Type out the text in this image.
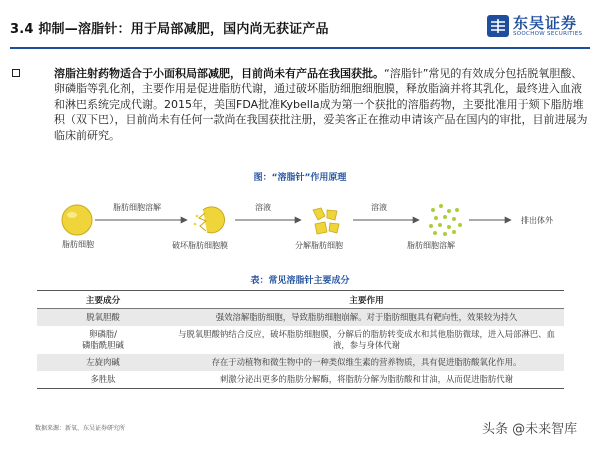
3.4 抑制—溶脂针：用于局部减肥，国内尚无获证产品	东吴证券
SOOCHOW SECURITIES
溶脂注射药物适合于小面积局部减肥，目前尚未有产品在我国获批。“溶脂针”常见的有效成分包括脱氧胆酸、卵磷脂等乳化剂，主要作用是促进脂肪代谢，通过破坏脂肪细胞细胞膜，释放脂滴并将其乳化，最终进入血液和淋巴系统完成代谢。2015年，美国FDA批准Kybella成为第一个获批的溶脂药物，主要批准用于颏下脂肪堆积（双下巴），目前尚未有任何一款尚在我国获批注册，爱美客正在推动申请该产品在国内的审批，目前进展为临床前研究。
图：“溶脂针”作用原理
脂肪细胞
脂肪细胞溶解
破坏脂肪细胞膜
溶液
分解脂肪细胞
溶液
脂肪细胞溶解
排出体外
表：常见溶脂针主要成分
主要成分	主要作用
脱氧胆酸	强效溶解脂肪细胞，导致脂肪细胞崩解。对于脂肪细胞具有靶向性，效果较为持久
卵磷脂/
磷脂酰胆碱	与脱氧胆酸钠结合反应，破坏脂肪细胞膜，分解后的脂肪转变成水和其他脂肪微球，进入局部淋巴、血液，参与身体代谢
左旋肉碱	存在于动植物和微生物中的一种类似维生素的营养物质，具有促进脂肪酸氧化作用。
多胜肽	刺激分泌出更多的脂肪分解酶，将脂肪分解为脂肪酸和甘油，从而促进脂肪代谢
数据来源：新氧、东吴证券研究所	头条 @未来智库
